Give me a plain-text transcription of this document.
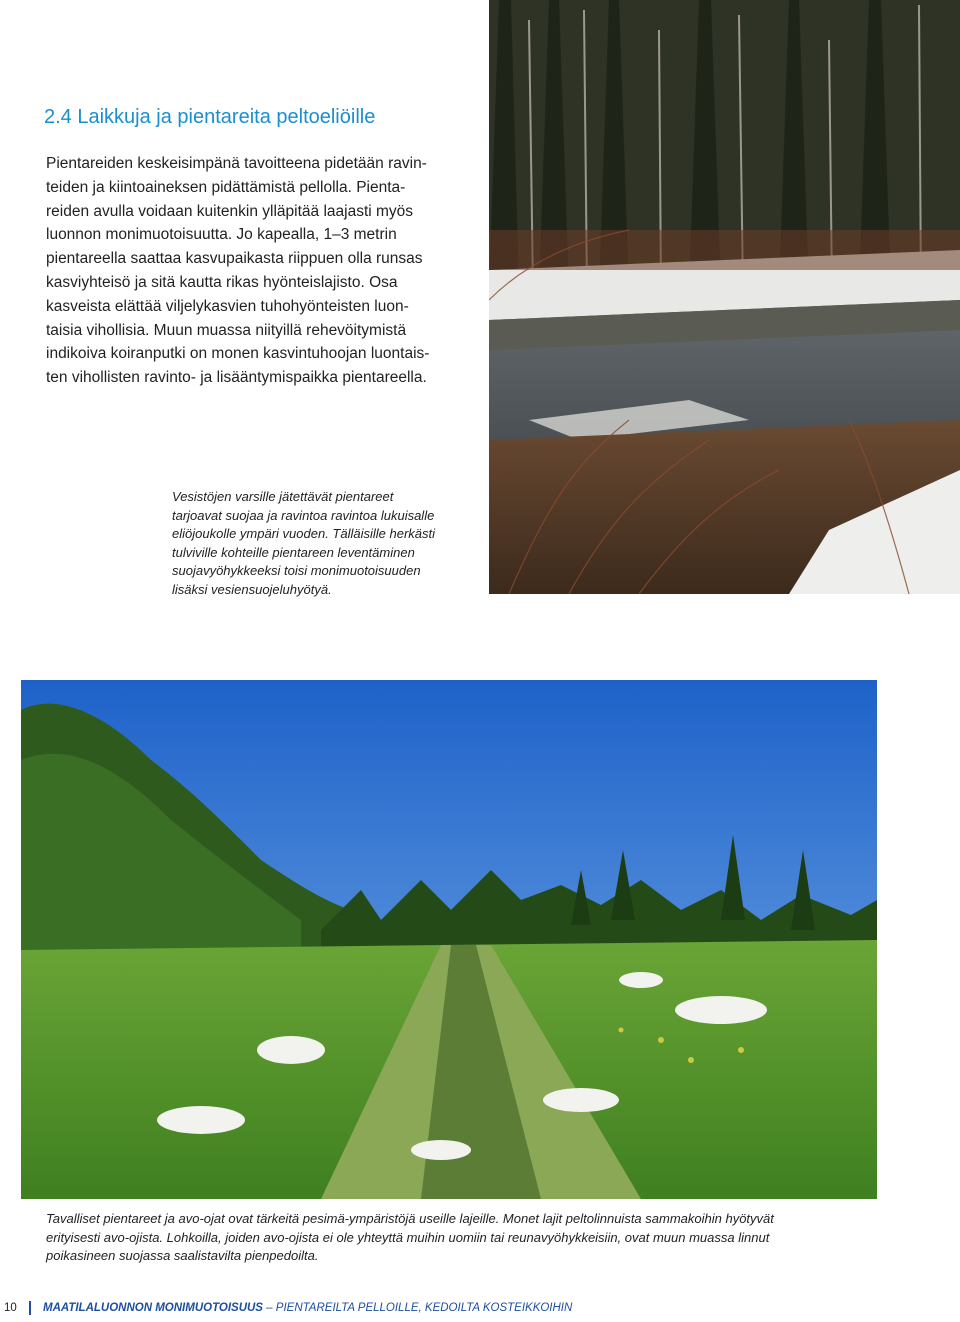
2.4 Laikkuja ja pientareita peltoeliöille

Pientareiden keskeisimpänä tavoitteena pidetään ravin-
teiden ja kiintoaineksen pidättämistä pellolla. Pienta-
reiden avulla voidaan kuitenkin ylläpitää laajasti myös
luonnon monimuotoisuutta. Jo kapealla, 1–3 metrin
pientareella saattaa kasvupaikasta riippuen olla runsas
kasviyhteisö ja sitä kautta rikas hyönteislajisto. Osa
kasveista elättää viljelykasvien tuhohyönteisten luon-
taisia vihollisia. Muun muassa niityillä rehevöitymistä
indikoiva koiranputki on monen kasvintuhoojan luontais-
ten vihollisten ravinto- ja lisääntymispaikka pientareella.

Vesistöjen varsille jätettävät pientareet
tarjoavat suojaa ja ravintoa ravintoa lukuisalle
eliöjoukolle ympäri vuoden. Tälläisille herkästi
tulviville kohteille pientareen leventäminen
suojavyöhykkeeksi toisi monimuotoisuuden
lisäksi vesiensuojeluhyötyä.

Tavalliset pientareet ja avo-ojat ovat tärkeitä pesimä-ympäristöjä useille lajeille. Monet lajit peltolinnuista sammakoihin hyötyvät
erityisesti avo-ojista. Lohkoilla, joiden avo-ojista ei ole yhteyttä muihin uomiin tai reunavyöhykkeisiin, ovat muun muassa linnut
poikasineen suojassa saalistavilta pienpedoilta.

10 MAATILALUONNON MONIMUOTOISUUS – PIENTAREILTA PELLOILLE, KEDOILTA KOSTEIKKOIHIN
